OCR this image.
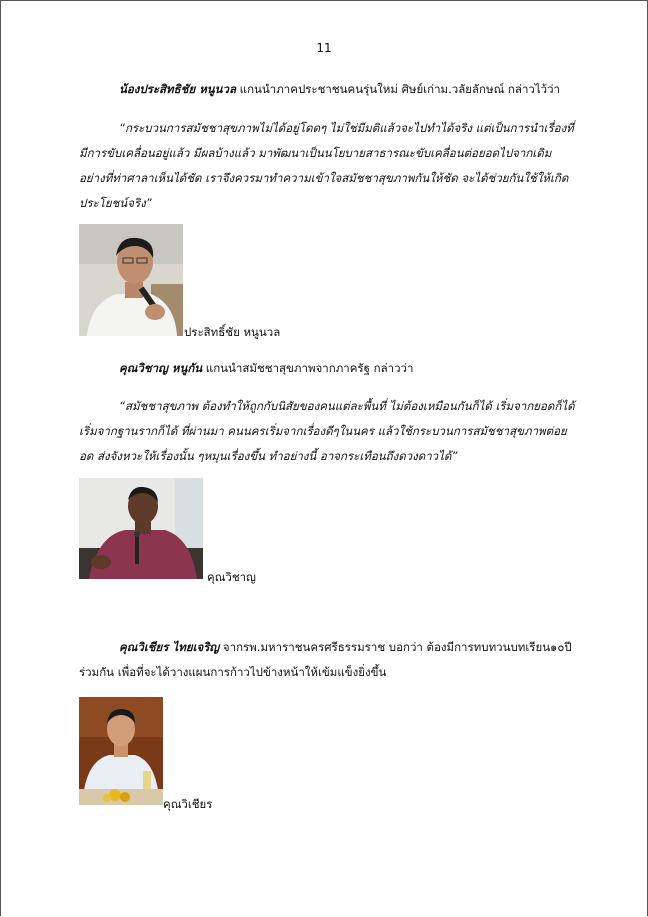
11
น้องประสิทธิชัย หนูนวล แกนนำภาคประชาชนคนรุ่นใหม่ ศิษย์เก่าม.วลัยลักษณ์ กล่าวไว้ว่า
“กระบวนการสมัชชาสุขภาพไม่ได้อยู่โดดๆ ไม่ใช่มีมติแล้วจะไปทำได้จริง แต่เป็นการนำเรื่องที่มีการขับเคลื่อนอยู่แล้ว มีผลบ้างแล้ว มาพัฒนาเป็นนโยบายสาธารณะขับเคลื่อนต่อยอดไปจากเดิม อย่างที่ท่าศาลาเห็นได้ชัด เราจึงควรมาทำความเข้าใจสมัชชาสุขภาพกันให้ชัด จะได้ช่วยกันใช้ให้เกิดประโยชน์จริง”
ประสิทธิ์ชัย หนูนวล
คุณวิชาญ หนูกัน แกนนำสมัชชาสุขภาพจากภาครัฐ กล่าวว่า
“สมัชชาสุขภาพ ต้องทำให้ถูกกับนิสัยของคนแต่ละพื้นที่ ไม่ต้องเหมือนกันก็ได้ เริ่มจากยอดก็ได้ เริ่มจากฐานรากก็ได้ ที่ผ่านมา คนนครเริ่มจากเรื่องดีๆในนคร แล้วใช้กระบวนการสมัชชาสุขภาพต่อยอด ส่งจังหวะให้เรื่องนั้น ๆหมุนเรื่องขึ้น ทำอย่างนี้ อาจกระเทือนถึงดวงดาวได้”
คุณวิชาญ
คุณวิเชียร ไทยเจริญ จากรพ.มหาราชนครศรีธรรมราช บอกว่า ต้องมีการทบทวนบทเรียน๑๐ปี ร่วมกัน เพื่อที่จะได้วางแผนการก้าวไปข้างหน้าให้เข้มแข็งยิ่งขึ้น
คุณวิเชียร
